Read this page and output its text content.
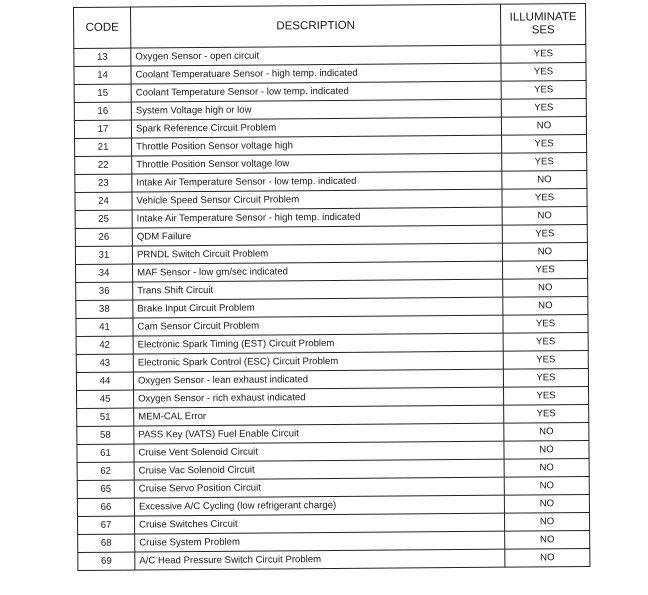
CODE	DESCRIPTION	ILLUMINATE SES
13	Oxygen Sensor - open circuit	YES
14	Coolant Temperatuare Sensor - high temp. indicated	YES
15	Coolant Temperature Sensor - low temp. indicated	YES
16	System Voltage high or low	YES
17	Spark Reference Circuit Problem	NO
21	Throttle Position Sensor voltage high	YES
22	Throttle Position Sensor voltage low	YES
23	Intake Air Temperature Sensor - low temp. indicated	NO
24	Vehicle Speed Sensor Circuit Problem	YES
25	Intake Air Temperature Sensor - high temp. indicated	NO
26	QDM Failure	YES
31	PRNDL Switch Circuit Problem	NO
34	MAF Sensor - low gm/sec indicated	YES
36	Trans Shift Circuit	NO
38	Brake Input Circuit Problem	NO
41	Cam Sensor Circuit Problem	YES
42	Electronic Spark Timing (EST) Circuit Problem	YES
43	Electronic Spark Control (ESC) Circuit Problem	YES
44	Oxygen Sensor - lean exhaust indicated	YES
45	Oxygen Sensor - rich exhaust indicated	YES
51	MEM-CAL Error	YES
58	PASS Key (VATS) Fuel Enable Circuit	NO
61	Cruise Vent Solenoid Circuit	NO
62	Cruise Vac Solenoid Circuit	NO
65	Cruise Servo Position Circuit	NO
66	Excessive A/C Cycling (low refrigerant charge)	NO
67	Cruise Switches Circuit	NO
68	Cruise System Problem	NO
69	A/C Head Pressure Switch Circuit Problem	NO
